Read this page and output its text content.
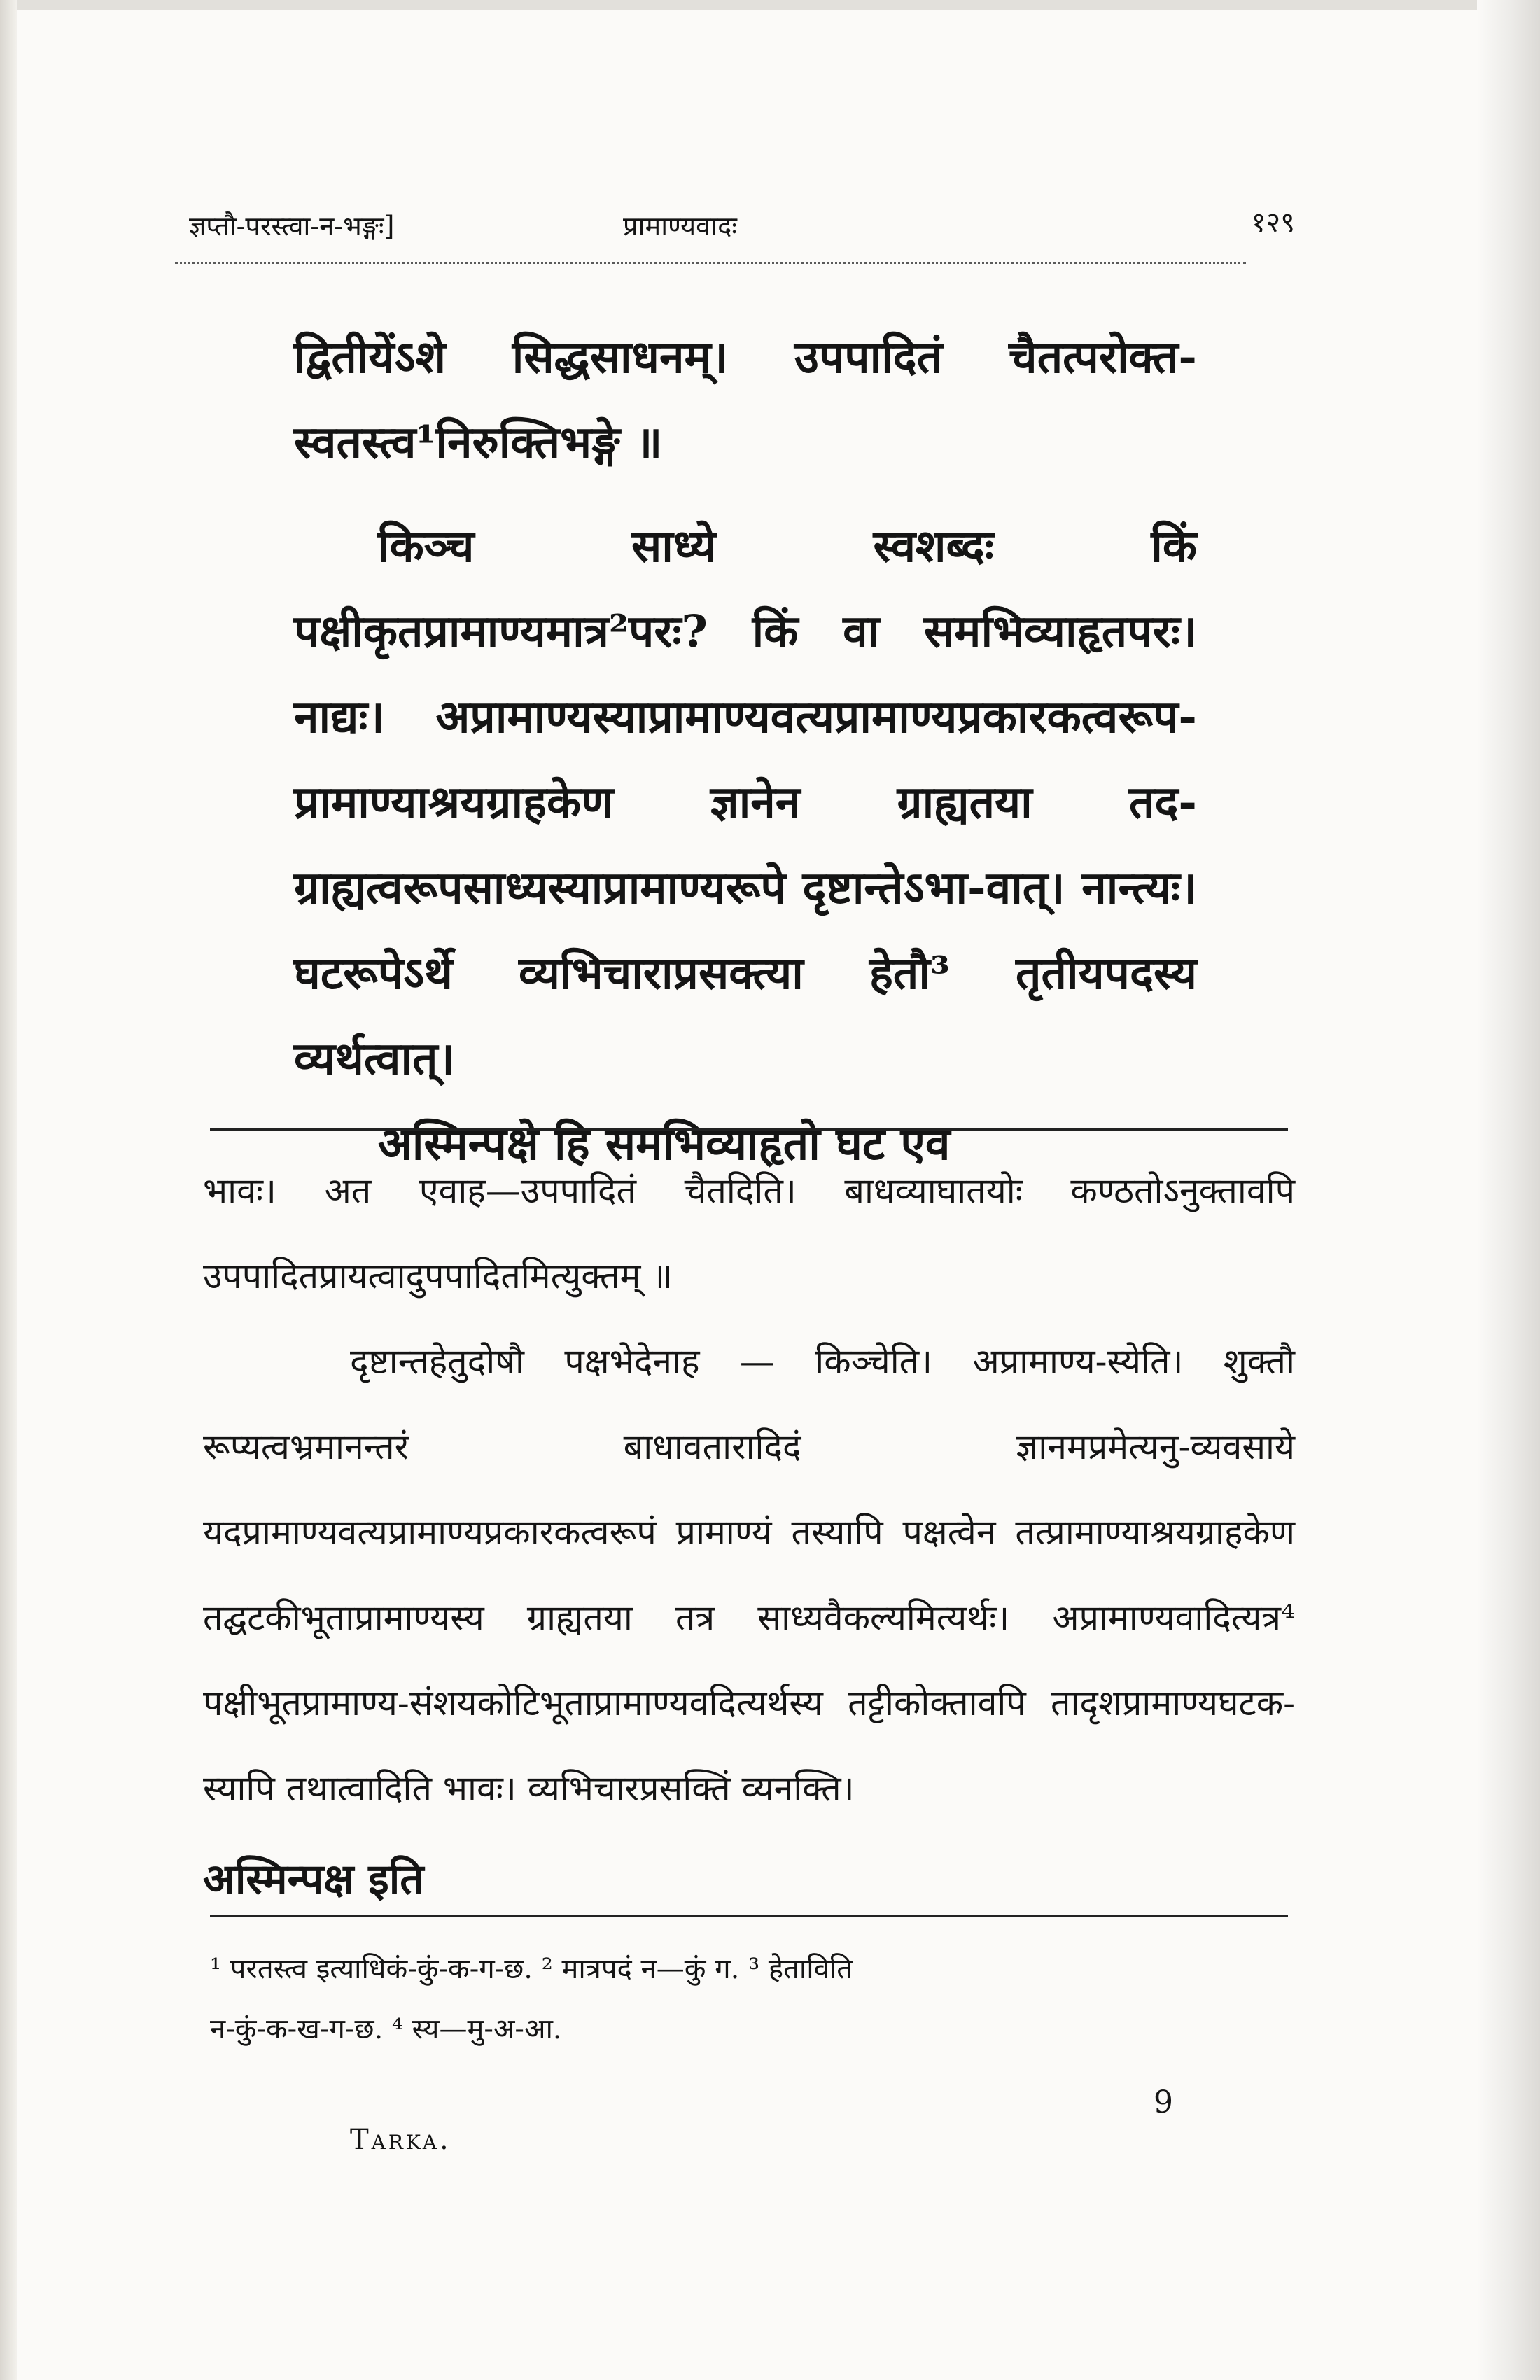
ज्ञप्तौ-परस्त्वा-न-भङ्गः]	प्रामाण्यवादः	१२९

द्वितीयेंऽशे सिद्धसाधनम्। उपपादितं चैतत्परोक्त-स्वतस्त्व¹निरुक्तिभङ्गे ॥

किञ्च साध्ये स्वशब्दः किं पक्षीकृतप्रामाण्यमात्र²परः? किं वा समभिव्याहृतपरः। नाद्यः। अप्रामाण्यस्याप्रामाण्यवत्यप्रामाण्यप्रकारकत्वरूप-प्रामाण्याश्रयग्राहकेण ज्ञानेन ग्राह्यतया तद-ग्राह्यत्वरूपसाध्यस्याप्रामाण्यरूपे दृष्टान्तेऽभा-वात्। नान्त्यः। घटरूपेऽर्थे व्यभिचाराप्रसक्त्या हेतौ³ तृतीयपदस्य व्यर्थत्वात्।

अस्मिन्पक्षे हि समभिव्याहृतो घट एव

भावः। अत एवाह—उपपादितं चैतदिति। बाधव्याघातयोः कण्ठतोऽनुक्तावपि उपपादितप्रायत्वादुपपादितमित्युक्तम् ॥

दृष्टान्तहेतुदोषौ पक्षभेदेनाह — किञ्चेति। अप्रामाण्य-स्येति। शुक्तौ रूप्यत्वभ्रमानन्तरं बाधावतारादिदं ज्ञानमप्रमेत्यनु-व्यवसाये यदप्रामाण्यवत्यप्रामाण्यप्रकारकत्वरूपं प्रामाण्यं तस्यापि पक्षत्वेन तत्प्रामाण्याश्रयग्राहकेण तद्घटकीभूताप्रामाण्यस्य ग्राह्यतया तत्र साध्यवैकल्यमित्यर्थः। अप्रामाण्यवादित्यत्र⁴ पक्षीभूतप्रामाण्य-संशयकोटिभूताप्रामाण्यवदित्यर्थस्य तट्टीकोक्तावपि तादृशप्रामाण्यघटक-स्यापि तथात्वादिति भावः। व्यभिचारप्रसक्तिं व्यनक्ति।

अस्मिन्पक्ष इति

¹ परतस्त्व इत्याधिकं-कुं-क-ग-छ. ² मात्रपदं न—कुं ग. ³ हेताविति

न-कुं-क-ख-ग-छ. ⁴ स्य—मु-अ-आ.

9
Tarka.
